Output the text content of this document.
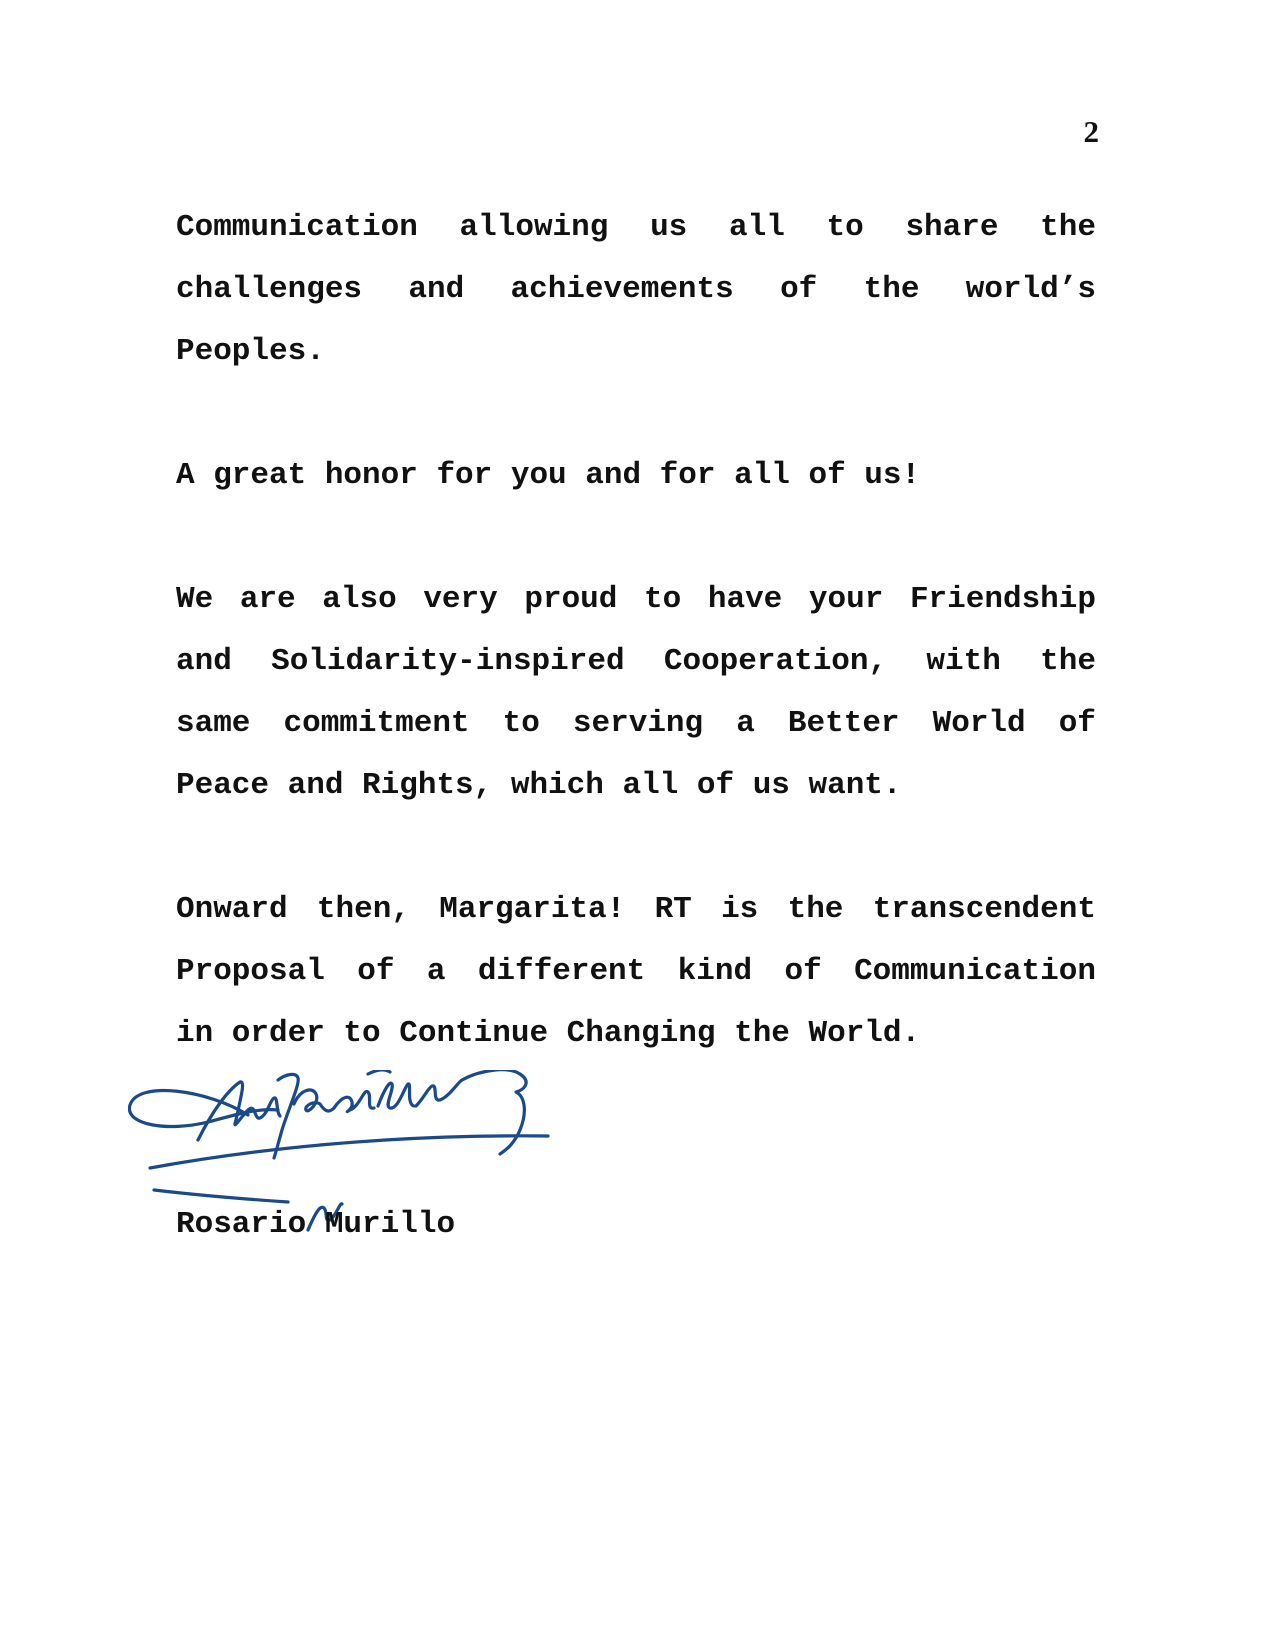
2
Communication allowing us all to share the
challenges and achievements of the world’s
Peoples.
A great honor for you and for all of us!
We are also very proud to have your Friendship
and Solidarity-inspired Cooperation, with the
same commitment to serving a Better World of
Peace and Rights, which all of us want.
Onward then, Margarita! RT is the transcendent
Proposal of a different kind of Communication
in order to Continue Changing the World.
Rosario Murillo
